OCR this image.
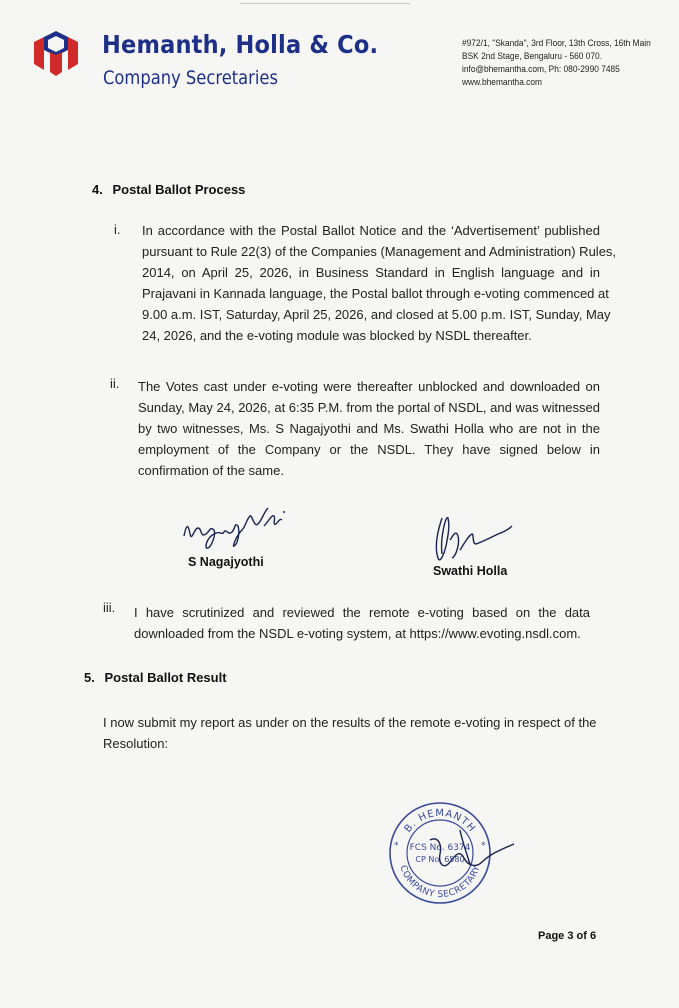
Hemanth, Holla & Co.
Company Secretaries
#972/1, "Skanda", 3rd Floor, 13th Cross, 16th Main
BSK 2nd Stage, Bengaluru - 560 070.
info@bhemantha.com, Ph: 080-2990 7485
www.bhemantha.com
4. Postal Ballot Process
i. In accordance with the Postal Ballot Notice and the ‘Advertisement’ published
pursuant to Rule 22(3) of the Companies (Management and Administration) Rules,
2014, on April 25, 2026, in Business Standard in English language and in
Prajavani in Kannada language, the Postal ballot through e-voting commenced at
9.00 a.m. IST, Saturday, April 25, 2026, and closed at 5.00 p.m. IST, Sunday, May
24, 2026, and the e-voting module was blocked by NSDL thereafter.
ii. The Votes cast under e-voting were thereafter unblocked and downloaded on
Sunday, May 24, 2026, at 6:35 P.M. from the portal of NSDL, and was witnessed
by two witnesses, Ms. S Nagajyothi and Ms. Swathi Holla who are not in the
employment of the Company or the NSDL. They have signed below in
confirmation of the same.
S Nagajyothi
Swathi Holla
iii. I have scrutinized and reviewed the remote e-voting based on the data
downloaded from the NSDL e-voting system, at https://www.evoting.nsdl.com.
5. Postal Ballot Result
I now submit my report as under on the results of the remote e-voting in respect of the
Resolution:
B. HEMANTH
COMPANY SECRETARY
FCS No. 6374
CP No. 6580
*	*
Page 3 of 6
